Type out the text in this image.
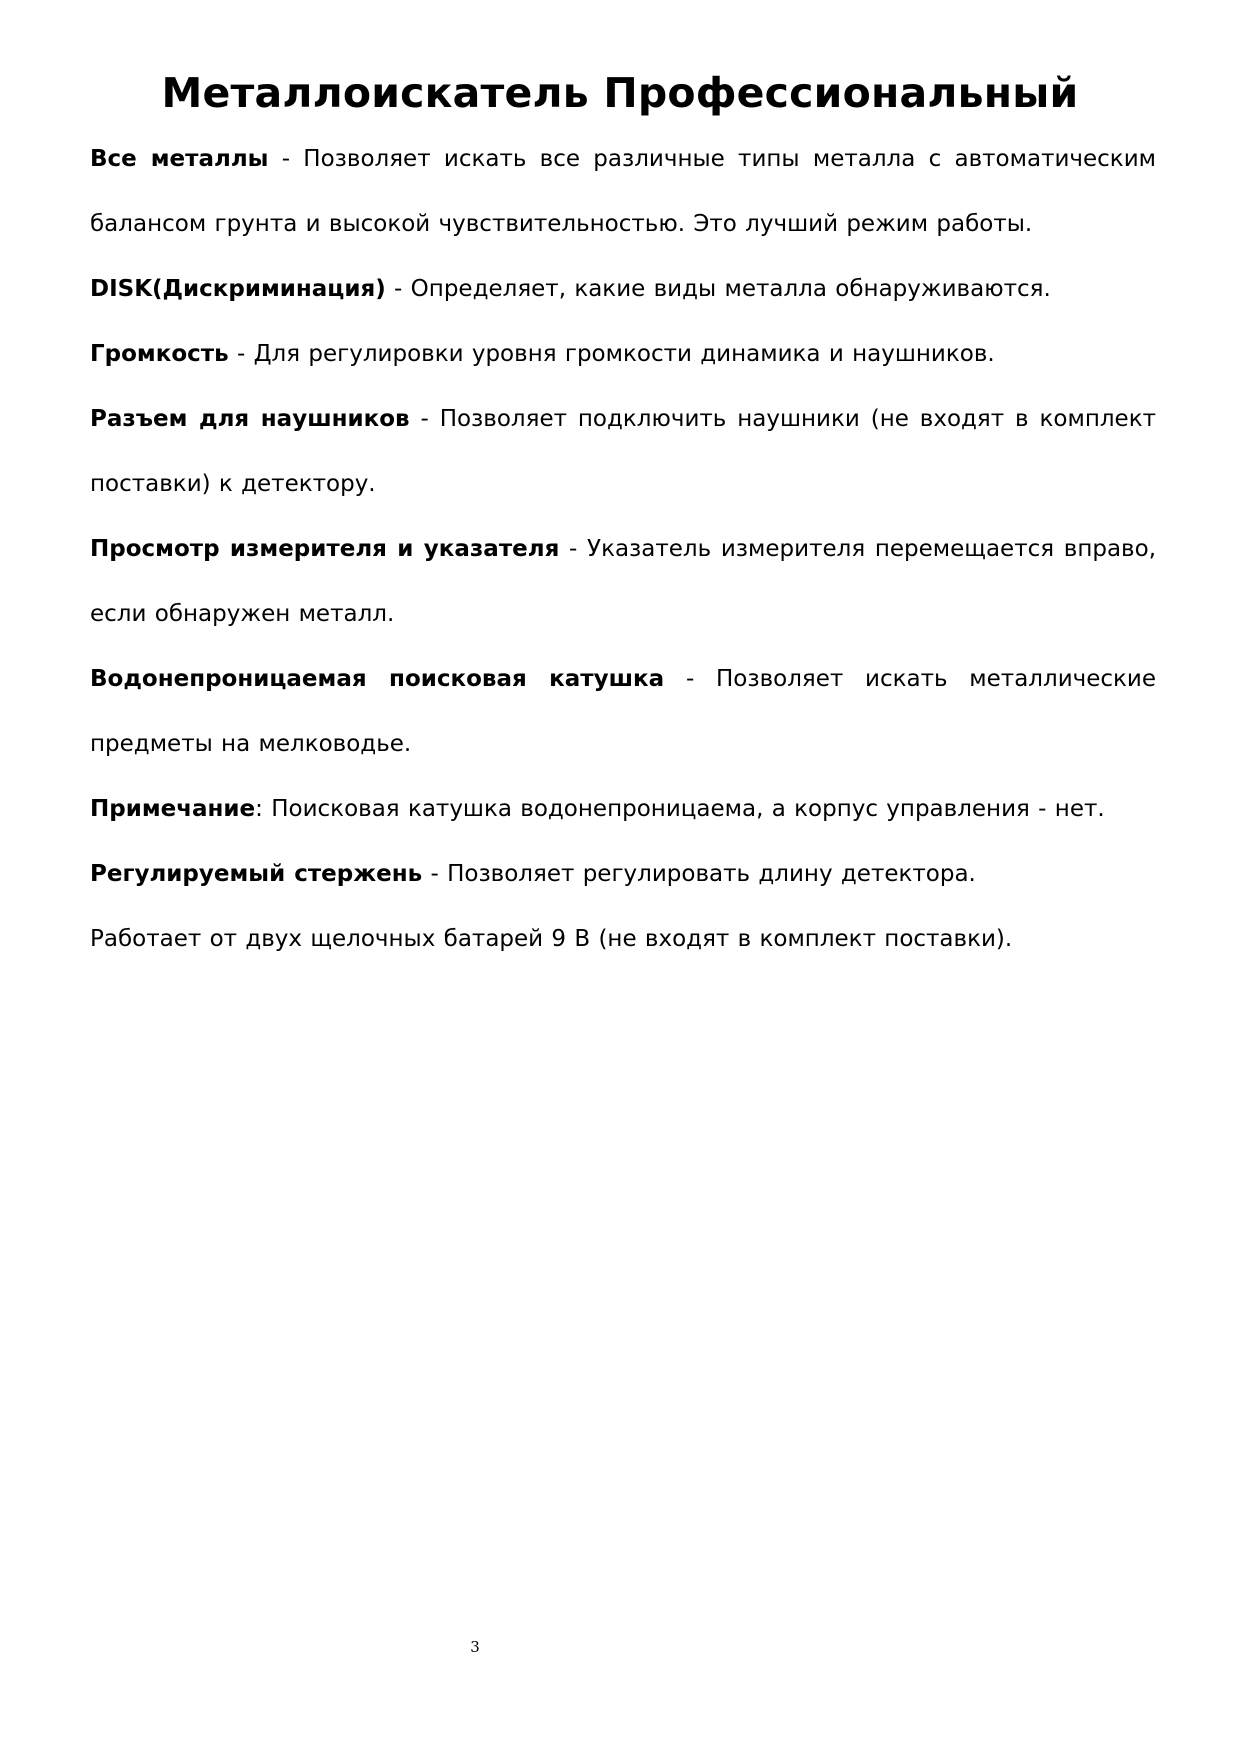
Металлоискатель Профессиональный

Все металлы - Позволяет искать все различные типы металла с автоматическим балансом грунта и высокой чувствительностью. Это лучший режим работы.

DISK(Дискриминация) - Определяет, какие виды металла обнаруживаются.

Громкость - Для регулировки уровня громкости динамика и наушников.

Разъем для наушников - Позволяет подключить наушники (не входят в комплект поставки) к детектору.

Просмотр измерителя и указателя - Указатель измерителя перемещается вправо, если обнаружен металл.

Водонепроницаемая поисковая катушка - Позволяет искать металлические предметы на мелководье.

Примечание: Поисковая катушка водонепроницаема, а корпус управления - нет.

Регулируемый стержень - Позволяет регулировать длину детектора.

Работает от двух щелочных батарей 9 В (не входят в комплект поставки).

3
